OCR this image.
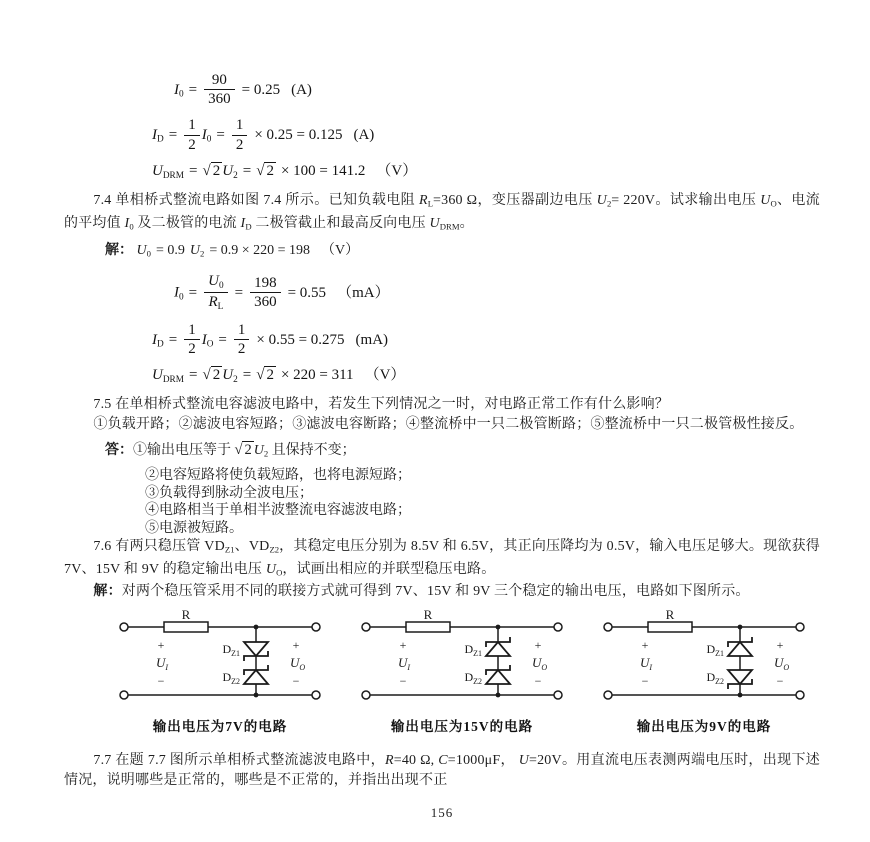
$I_0 = \frac{90}{360} = 0.25$ (A)
$I_D = \frac{1}{2} I_0 = \frac{1}{2} \times 0.25 = 0.125$ (A)
$U_{DRM}$ = √ 2 $U_2$ = √ 2 × 100 = 141.2 （V）

7.4 单相桥式整流电路如图 7.4 所示。已知负载电阻 $R_L=360$ Ω，变压器副边电压 $U_2= 220V$。试求输出电压 $U_O$、电流的平均值 $I_0$ 及二极管的电流 $I_D$ 二极管截止和最高反向电压 $U_{DRM}$。

解： $U_0 = 0.9$ $U_2 = 0.9 \times 220 = 198$ （V）
$I_0 = \frac{U_0}{R_L} = \frac{198}{360} = 0.55$ （mA）
$I_D = \frac{1}{2} I_O = \frac{1}{2} \times 0.55 = 0.275$ (mA)
$U_{DRM}$ = √ 2 $U_2$ = √ 2 × 220 = 311 （V）

7.5 在单相桥式整流电容滤波电路中，若发生下列情况之一时，对电路正常工作有什么影响？

①负载开路；②滤波电容短路；③滤波电容断路；④整流桥中一只二极管断路；⑤整流桥中一只二极管极性接反。

答：①输出电压等于 √ 2 $U_2$ 且保持不变；
②电容短路将使负载短路，也将电源短路；
③负载得到脉动全波电压；
④电路相当于单相半波整流电容滤波电路；
⑤电源被短路。

7.6 有两只稳压管 $VD_{Z1}$、$VD_{Z2}$，其稳定电压分别为 8.5V 和 6.5V，其正向压降均为 0.5V，输入电压足够大。现欲获得 7V、15V 和 9V 的稳定输出电压 $U_O$，试画出相应的并联型稳压电路。

解：对两个稳压管采用不同的联接方式就可得到 7V、15V 和 9V 三个稳定的输出电压，电路如下图所示。

R
$D_{Z1}$
$D_{Z2}$
+
$U_I$
−
+
$U_O$
−
输出电压为7V的电路
R
$D_{Z1}$
$D_{Z2}$
+
$U_I$
−
+
$U_O$
−
输出电压为15V的电路
R
$D_{Z1}$
$D_{Z2}$
+
$U_I$
−
+
$U_O$
−
输出电压为9V的电路

7.7 在题 7.7 图所示单相桥式整流滤波电路中，R=40 Ω, C=1000μF， U=20V。用直流电压表测两端电压时，出现下述情况，说明哪些是正常的，哪些是不正常的，并指出出现不正

156
